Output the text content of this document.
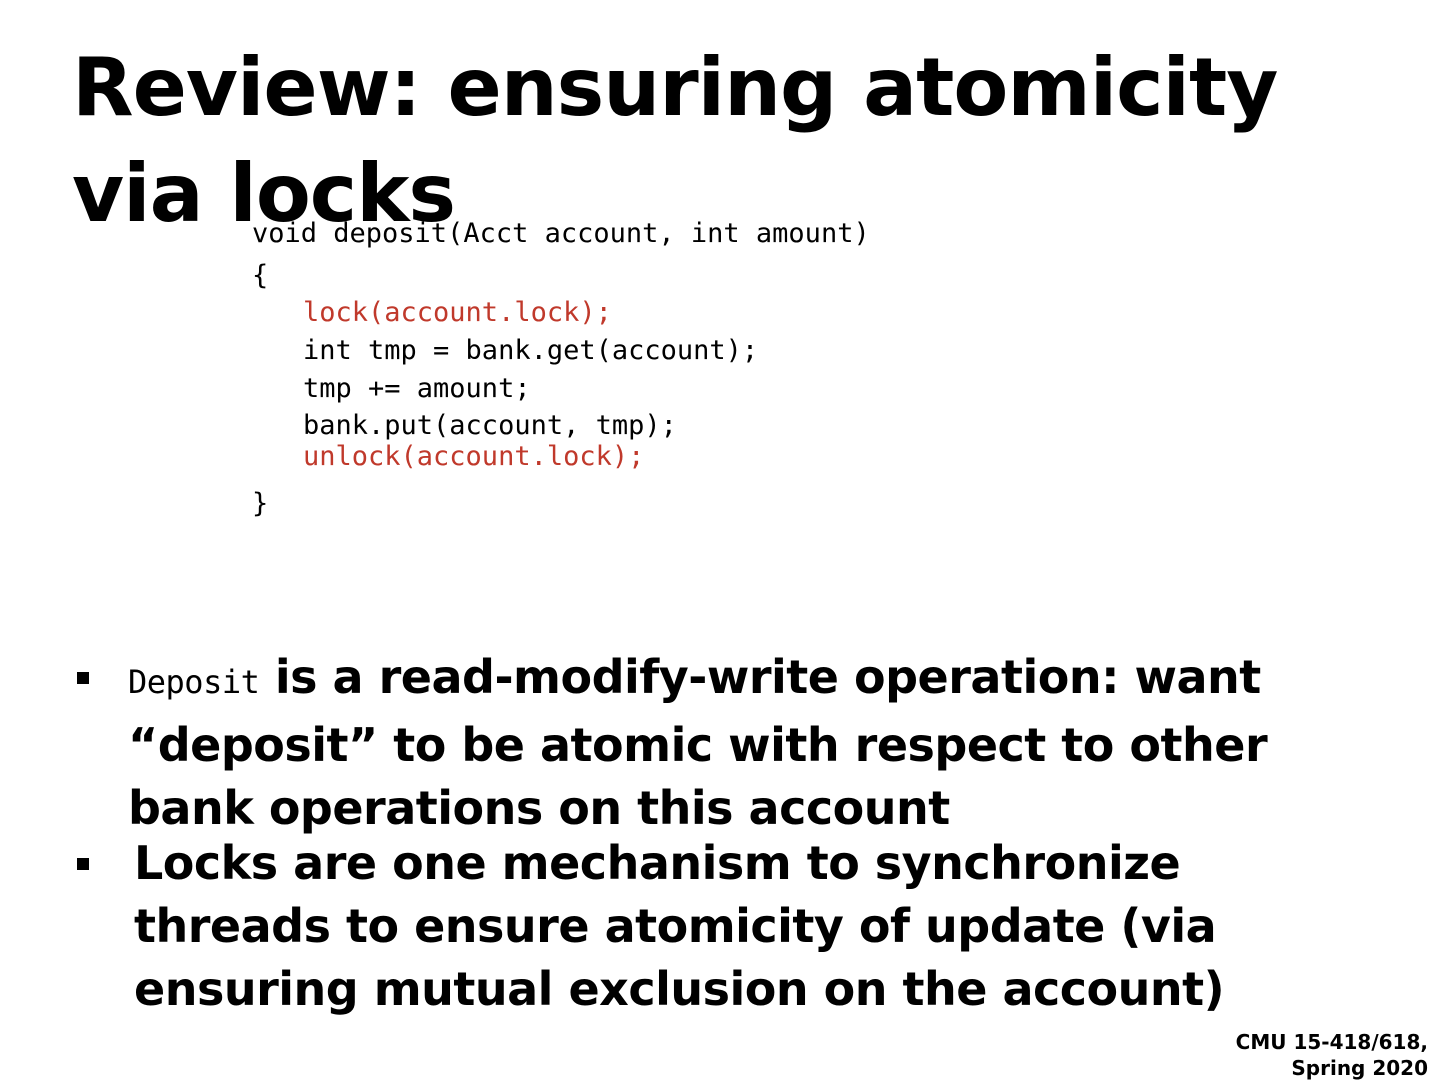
Review: ensuring atomicity
via locks
void deposit(Acct account, int amount)
{
lock(account.lock);
int tmp = bank.get(account);
tmp += amount;
bank.put(account, tmp);
unlock(account.lock);
}

Deposit is a read-modify-write operation: want “deposit” to be atomic with respect to other bank operations on this account

Locks are one mechanism to synchronize threads to ensure atomicity of update (via ensuring mutual exclusion on the account)

CMU 15-418/618,

Spring 2020
